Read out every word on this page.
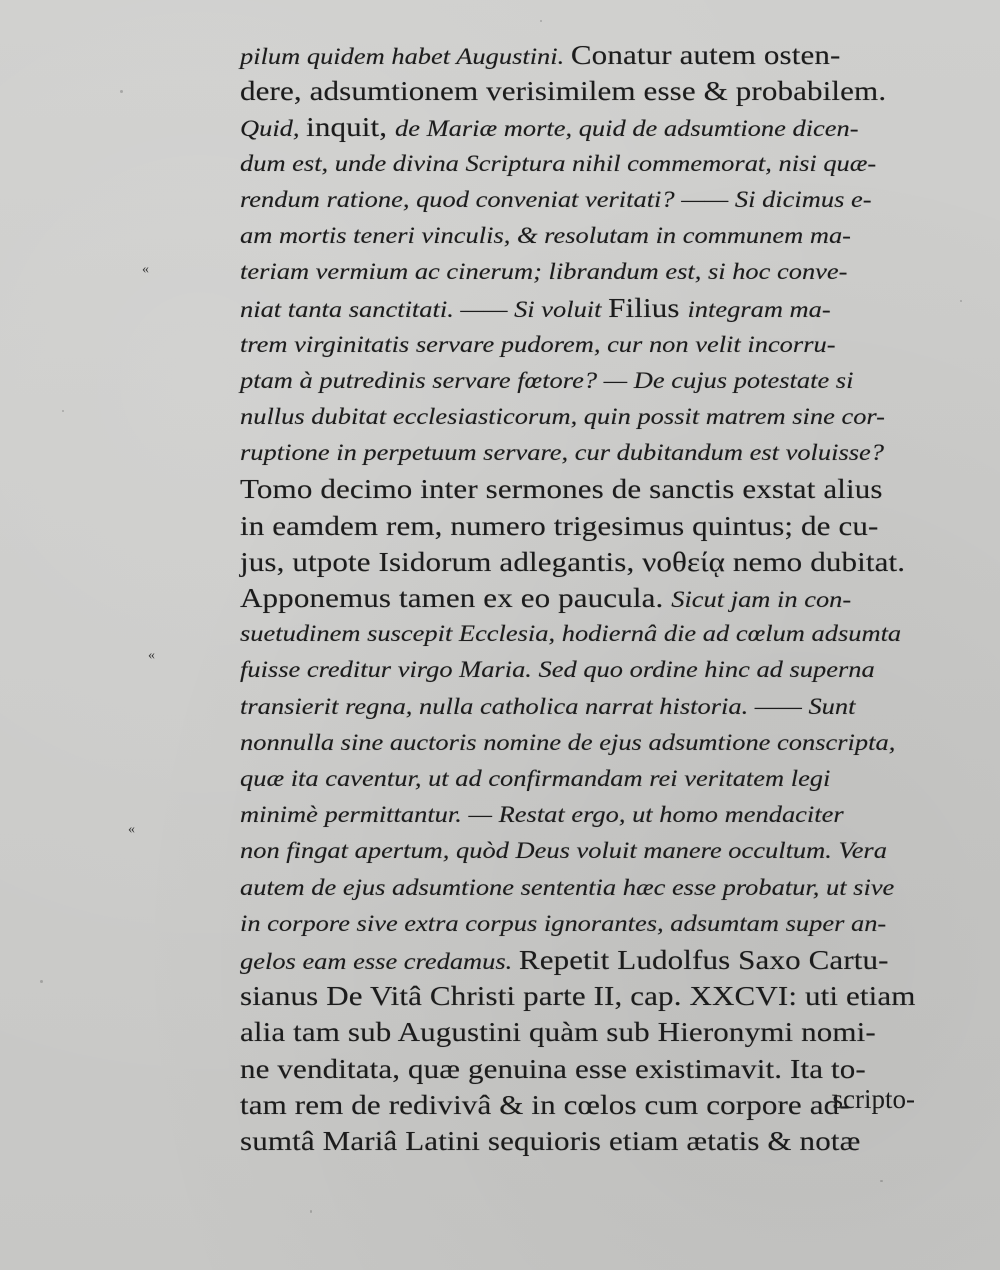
«
«
«
pilum quidem habet Augustini. Conatur autem osten-
dere, adsumtionem verisimilem esse & probabilem.
Quid, inquit, de Mariæ morte, quid de adsumtione dicen-
dum est, unde divina Scriptura nihil commemorat, nisi quæ-
rendum ratione, quod conveniat veritati? —— Si dicimus e-
am mortis teneri vinculis, & resolutam in communem ma-
teriam vermium ac cinerum; librandum est, si hoc conve-
niat tanta sanctitati. —— Si voluit Filius integram ma-
trem virginitatis servare pudorem, cur non velit incorru-
ptam à putredinis servare fœtore? — De cujus potestate si
nullus dubitat ecclesiasticorum, quin possit matrem sine cor-
ruptione in perpetuum servare, cur dubitandum est voluisse?
Tomo decimo inter sermones de sanctis exstat alius
in eamdem rem, numero trigesimus quintus; de cu-
jus, utpote Isidorum adlegantis, νοθείᾳ nemo dubitat.
Apponemus tamen ex eo paucula. Sicut jam in con-
suetudinem suscepit Ecclesia, hodiernâ die ad cœlum adsumta
fuisse creditur virgo Maria. Sed quo ordine hinc ad superna
transierit regna, nulla catholica narrat historia. —— Sunt
nonnulla sine auctoris nomine de ejus adsumtione conscripta,
quæ ita caventur, ut ad confirmandam rei veritatem legi
minimè permittantur. — Restat ergo, ut homo mendaciter
non fingat apertum, quòd Deus voluit manere occultum. Vera
autem de ejus adsumtione sententia hæc esse probatur, ut sive
in corpore sive extra corpus ignorantes, adsumtam super an-
gelos eam esse credamus. Repetit Ludolfus Saxo Cartu-
sianus De Vitâ Christi parte II, cap. XXCVI: uti etiam
alia tam sub Augustini quàm sub Hieronymi nomi-
ne venditata, quæ genuina esse existimavit. Ita to-
tam rem de redivivâ & in cœlos cum corpore ad-
sumtâ Mariâ Latini sequioris etiam ætatis & notæ
scripto-
